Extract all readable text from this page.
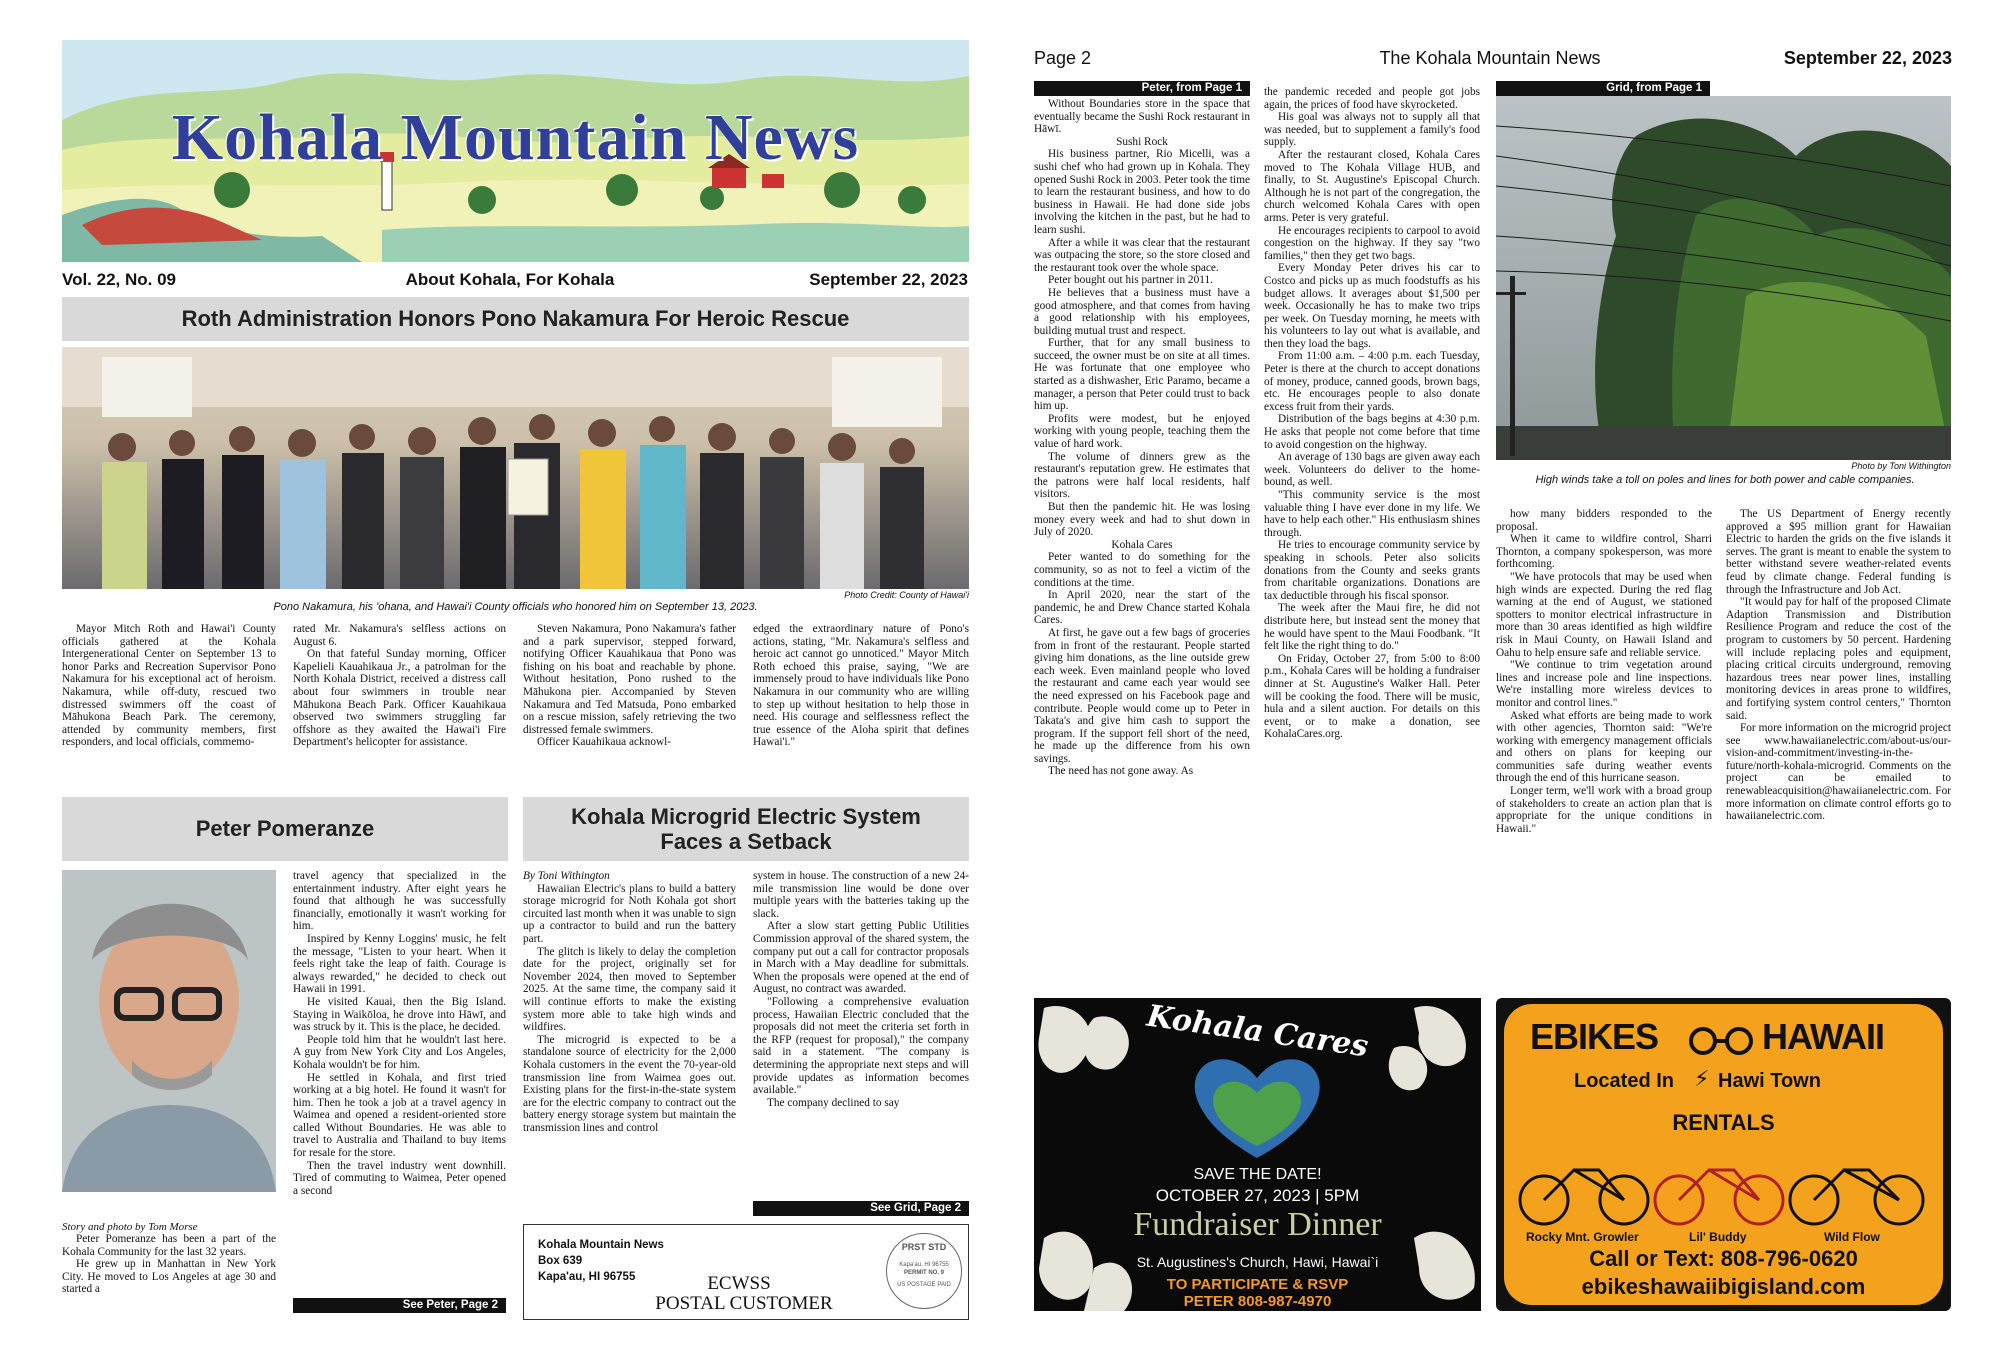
Kohala Mountain News
Vol. 22, No. 09	About Kohala, For Kohala	September 22, 2023
Roth Administration Honors Pono Nakamura For Heroic Rescue
Photo Credit: County of Hawai'i
Pono Nakamura, his 'ohana, and Hawai'i County officials who honored him on September 13, 2023.

Mayor Mitch Roth and Hawai'i County officials gathered at the Kohala Intergenerational Center on September 13 to honor Parks and Recreation Supervisor Pono Nakamura for his exceptional act of heroism. Nakamura, while off-duty, rescued two distressed swimmers off the coast of Māhukona Beach Park. The ceremony, attended by community members, first responders, and local officials, commemo-

rated Mr. Nakamura's selfless actions on August 6.

On that fateful Sunday morning, Officer Kapelieli Kauahikaua Jr., a patrolman for the North Kohala District, received a distress call about four swimmers in trouble near Māhukona Beach Park. Officer Kauahikaua observed two swimmers struggling far offshore as they awaited the Hawai'i Fire Department's helicopter for assistance.

Steven Nakamura, Pono Nakamura's father and a park supervisor, stepped forward, notifying Officer Kauahikaua that Pono was fishing on his boat and reachable by phone. Without hesitation, Pono rushed to the Māhukona pier. Accompanied by Steven Nakamura and Ted Matsuda, Pono embarked on a rescue mission, safely retrieving the two distressed female swimmers.

Officer Kauahikaua acknowl-

edged the extraordinary nature of Pono's actions, stating, "Mr. Nakamura's selfless and heroic act cannot go unnoticed." Mayor Mitch Roth echoed this praise, saying, "We are immensely proud to have individuals like Pono Nakamura in our community who are willing to step up without hesitation to help those in need. His courage and selflessness reflect the true essence of the Aloha spirit that defines Hawai'i."

Peter Pomeranze
Story and photo by Tom Morse

Peter Pomeranze has been a part of the Kohala Community for the last 32 years.

He grew up in Manhattan in New York City. He moved to Los Angeles at age 30 and started a

travel agency that specialized in the entertainment industry. After eight years he found that although he was successfully financially, emotionally it wasn't working for him.

Inspired by Kenny Loggins' music, he felt the message, "Listen to your heart. When it feels right take the leap of faith. Courage is always rewarded," he decided to check out Hawaii in 1991.

He visited Kauai, then the Big Island. Staying in Waikōloa, he drove into Hāwī, and was struck by it. This is the place, he decided.

People told him that he wouldn't last here. A guy from New York City and Los Angeles, Kohala wouldn't be for him.

He settled in Kohala, and first tried working at a big hotel. He found it wasn't for him. Then he took a job at a travel agency in Waimea and opened a resident-oriented store called Without Boundaries. He was able to travel to Australia and Thailand to buy items for resale for the store.

Then the travel industry went downhill. Tired of commuting to Waimea, Peter opened a second

See Peter, Page 2
Kohala Microgrid Electric System
Faces a Setback

By Toni Withington

Hawaiian Electric's plans to build a battery storage microgrid for Noth Kohala got short circuited last month when it was unable to sign up a contractor to build and run the battery part.

The glitch is likely to delay the completion date for the project, originally set for November 2024, then moved to September 2025. At the same time, the company said it will continue efforts to make the existing system more able to take high winds and wildfires.

The microgrid is expected to be a standalone source of electricity for the 2,000 Kohala customers in the event the 70-year-old transmission line from Waimea goes out. Existing plans for the first-in-the-state system are for the electric company to contract out the battery energy storage system but maintain the transmission lines and control

system in house. The construction of a new 24-mile transmission line would be done over multiple years with the batteries taking up the slack.

After a slow start getting Public Utilities Commission approval of the shared system, the company put out a call for contractor proposals in March with a May deadline for submittals. When the proposals were opened at the end of August, no contract was awarded.

"Following a comprehensive evaluation process, Hawaiian Electric concluded that the proposals did not meet the criteria set forth in the RFP (request for proposal)," the company said in a statement. "The company is determining the appropriate next steps and will provide updates as information becomes available."

The company declined to say

See Grid, Page 2
Kohala Mountain News
Box 639
Kapa'au, HI 96755	ECWSS
POSTAL CUSTOMER
PRST STD
Kapa'au, HI 96755
PERMIT NO. 9
US POSTAGE PAID
Page 2	The Kohala Mountain News	September 22, 2023
Peter, from Page 1

Without Boundaries store in the space that eventually became the Sushi Rock restaurant in Hāwī.

Sushi Rock

His business partner, Rio Micelli, was a sushi chef who had grown up in Kohala. They opened Sushi Rock in 2003. Peter took the time to learn the restaurant business, and how to do business in Hawaii. He had done side jobs involving the kitchen in the past, but he had to learn sushi.

After a while it was clear that the restaurant was outpacing the store, so the store closed and the restaurant took over the whole space.

Peter bought out his partner in 2011.

He believes that a business must have a good atmosphere, and that comes from having a good relationship with his employees, building mutual trust and respect.

Further, that for any small business to succeed, the owner must be on site at all times. He was fortunate that one employee who started as a dishwasher, Eric Paramo, became a manager, a person that Peter could trust to back him up.

Profits were modest, but he enjoyed working with young people, teaching them the value of hard work.

The volume of dinners grew as the restaurant's reputation grew. He estimates that the patrons were half local residents, half visitors.

But then the pandemic hit. He was losing money every week and had to shut down in July of 2020.

Kohala Cares

Peter wanted to do something for the community, so as not to feel a victim of the conditions at the time.

In April 2020, near the start of the pandemic, he and Drew Chance started Kohala Cares.

At first, he gave out a few bags of groceries from in front of the restaurant. People started giving him donations, as the line outside grew each week. Even mainland people who loved the restaurant and came each year would see the need expressed on his Facebook page and contribute. People would come up to Peter in Takata's and give him cash to support the program. If the support fell short of the need, he made up the difference from his own savings.

The need has not gone away. As

the pandemic receded and people got jobs again, the prices of food have skyrocketed.

His goal was always not to supply all that was needed, but to supplement a family's food supply.

After the restaurant closed, Kohala Cares moved to The Kohala Village HUB, and finally, to St. Augustine's Episcopal Church. Although he is not part of the congregation, the church welcomed Kohala Cares with open arms. Peter is very grateful.

He encourages recipients to carpool to avoid congestion on the highway. If they say "two families," then they get two bags.

Every Monday Peter drives his car to Costco and picks up as much foodstuffs as his budget allows. It averages about $1,500 per week. Occasionally he has to make two trips per week. On Tuesday morning, he meets with his volunteers to lay out what is available, and then they load the bags.

From 11:00 a.m. – 4:00 p.m. each Tuesday, Peter is there at the church to accept donations of money, produce, canned goods, brown bags, etc. He encourages people to also donate excess fruit from their yards.

Distribution of the bags begins at 4:30 p.m. He asks that people not come before that time to avoid congestion on the highway.

An average of 130 bags are given away each week. Volunteers do deliver to the home-bound, as well.

"This community service is the most valuable thing I have ever done in my life. We have to help each other." His enthusiasm shines through.

He tries to encourage community service by speaking in schools. Peter also solicits donations from the County and seeks grants from charitable organizations. Donations are tax deductible through his fiscal sponsor.

The week after the Maui fire, he did not distribute here, but instead sent the money that he would have spent to the Maui Foodbank. "It felt like the right thing to do."

On Friday, October 27, from 5:00 to 8:00 p.m., Kohala Cares will be holding a fundraiser dinner at St. Augustine's Walker Hall. Peter will be cooking the food. There will be music, hula and a silent auction. For details on this event, or to make a donation, see KohalaCares.org.

Grid, from Page 1
Photo by Toni Withington
High winds take a toll on poles and lines for both power and cable companies.

how many bidders responded to the proposal.

When it came to wildfire control, Sharri Thornton, a company spokesperson, was more forthcoming.

"We have protocols that may be used when high winds are expected. During the red flag warning at the end of August, we stationed spotters to monitor electrical infrastructure in more than 30 areas identified as high wildfire risk in Maui County, on Hawaii Island and Oahu to help ensure safe and reliable service.

"We continue to trim vegetation around lines and increase pole and line inspections. We're installing more wireless devices to monitor and control lines."

Asked what efforts are being made to work with other agencies, Thornton said: "We're working with emergency management officials and others on plans for keeping our communities safe during weather events through the end of this hurricane season.

Longer term, we'll work with a broad group of stakeholders to create an action plan that is appropriate for the unique conditions in Hawaii."

The US Department of Energy recently approved a $95 million grant for Hawaiian Electric to harden the grids on the five islands it serves. The grant is meant to enable the system to better withstand severe weather-related events feud by climate change. Federal funding is through the Infrastructure and Job Act.

"It would pay for half of the proposed Climate Adaption Transmission and Distribution Resilience Program and reduce the cost of the program to customers by 50 percent. Hardening will include replacing poles and equipment, placing critical circuits underground, removing hazardous trees near power lines, installing monitoring devices in areas prone to wildfires, and fortifying system control centers," Thornton said.

For more information on the microgrid project see www.hawaiianelectric.com/about-us/our-vision-and-commitment/investing-in-the-future/north-kohala-microgrid. Comments on the project can be emailed to renewableacquisition@hawaiianelectric.com. For more information on climate control efforts go to hawaiianelectric.com.

Kohala Cares
SAVE THE DATE!
OCTOBER 27, 2023 | 5PM
Fundraiser Dinner
St. Augustines's Church, Hawi, Hawai`i
TO PARTICIPATE & RSVP
PETER 808-987-4970
EBIKES	HAWAII
Located In ⚡ Hawi Town
RENTALS
Rocky Mnt. Growler	Lil' Buddy	Wild Flow
Call or Text: 808-796-0620
ebikeshawaiibigisland.com
